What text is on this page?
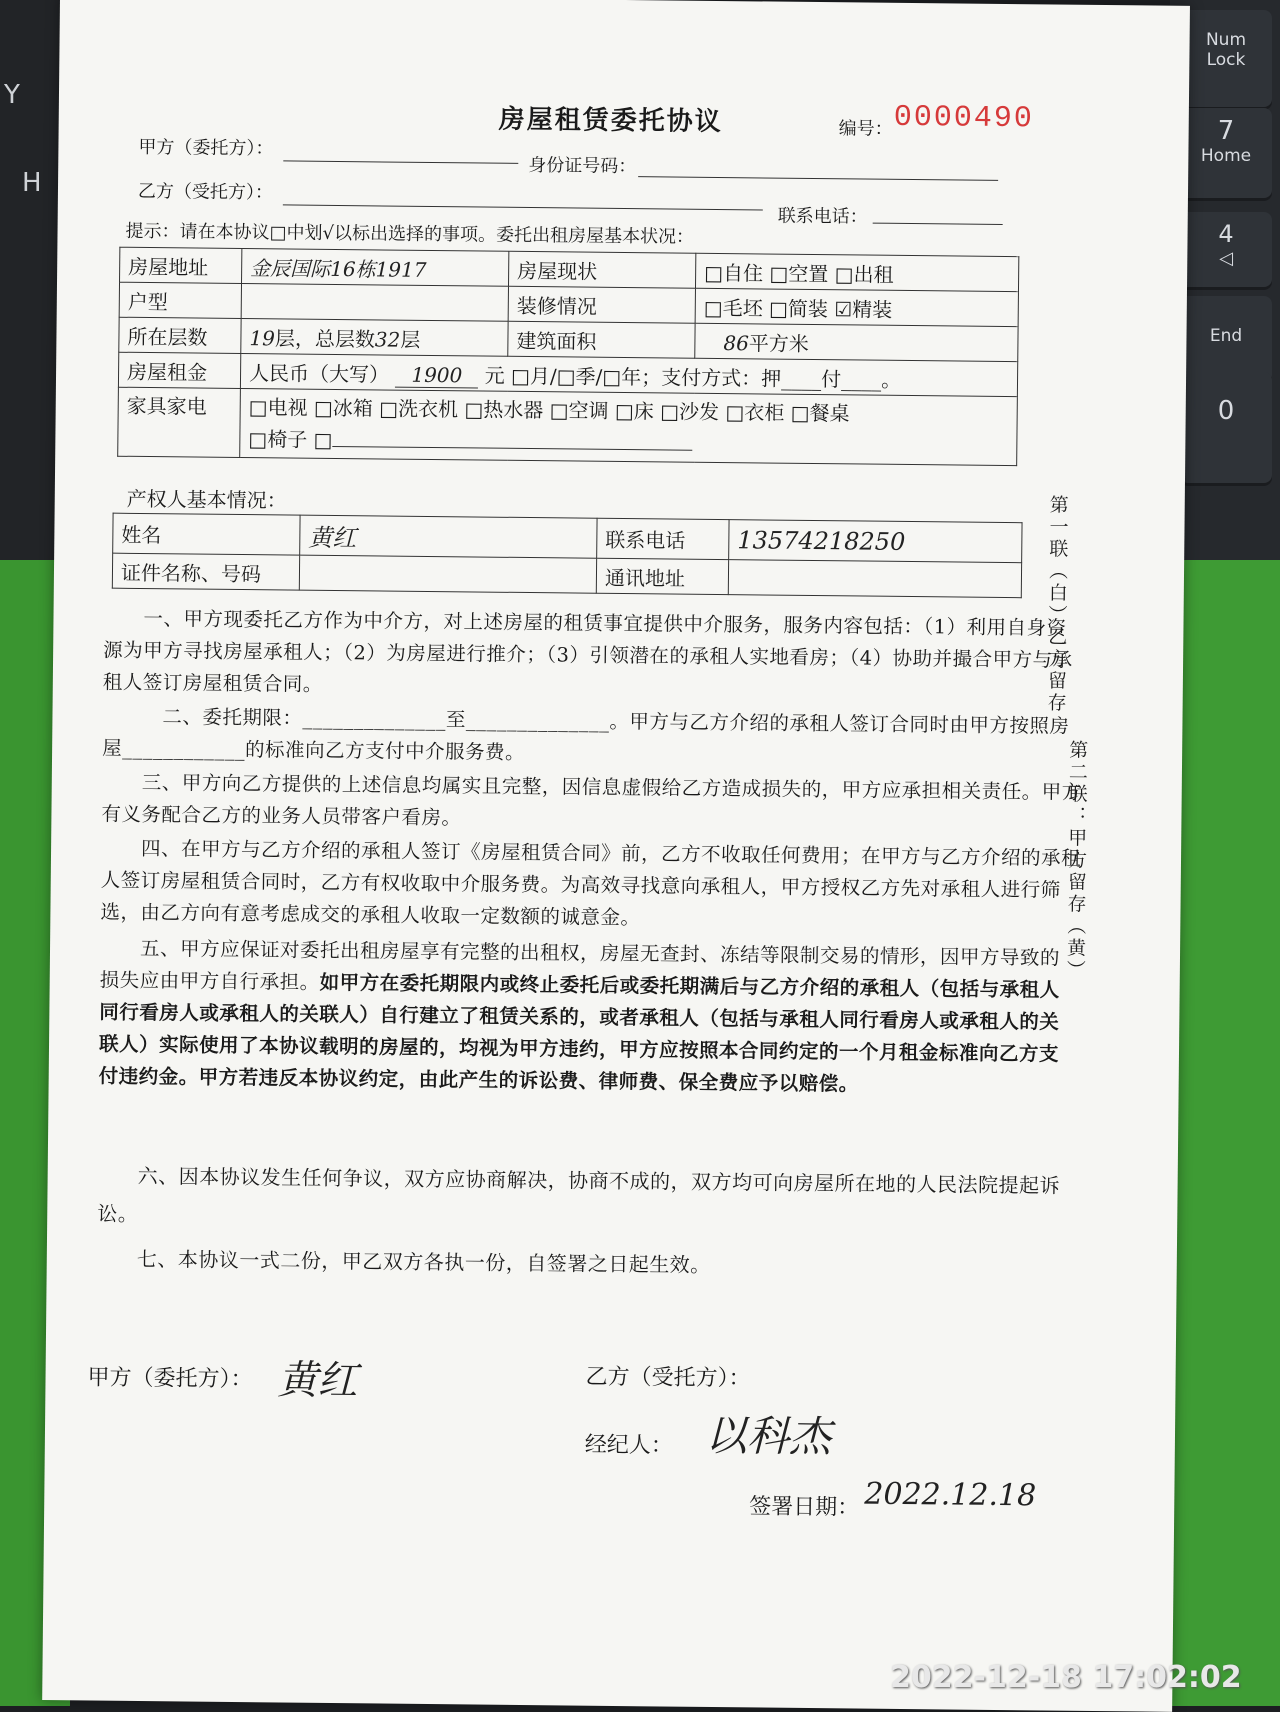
Y
H
Num
Lock
7
Home
4
◁
End
0
房屋租赁委托协议	编号： 0000490
甲方（委托方）：
身份证号码：
乙方（受托方）：
联系电话：
提示：请在本协议□中划√以标出选择的事项。委托出租房屋基本状况：
房屋地址	金辰国际16栋1917	房屋现状	□自住 □空置 □出租
户型		装修情况	□毛坯 □简装 ☑精装
所在层数	19层，总层数32层	建筑面积	86平方米
房屋租金	人民币（大写） 1900 元 □月/□季/□年；支付方式：押____付____。		
家具家电	□电视 □冰箱 □洗衣机 □热水器 □空调 □床 □沙发 □衣柜 □餐桌
□椅子 □		
产权人基本情况：
姓名	黄红	联系电话	13574218250
证件名称、号码		通讯地址	
一、甲方现委托乙方作为中介方，对上述房屋的租赁事宜提供中介服务，服务内容包括：（1）利用自身资源为甲方寻找房屋承租人；（2）为房屋进行推介；（3）引领潜在的承租人实地看房；（4）协助并撮合甲方与承租人签订房屋租赁合同。
二、委托期限：______________至______________。甲方与乙方介绍的承租人签订合同时由甲方按照房屋____________的标准向乙方支付中介服务费。
三、甲方向乙方提供的上述信息均属实且完整，因信息虚假给乙方造成损失的，甲方应承担相关责任。甲方有义务配合乙方的业务人员带客户看房。
四、在甲方与乙方介绍的承租人签订《房屋租赁合同》前，乙方不收取任何费用；在甲方与乙方介绍的承租人签订房屋租赁合同时，乙方有权收取中介服务费。为高效寻找意向承租人，甲方授权乙方先对承租人进行筛选，由乙方向有意考虑成交的承租人收取一定数额的诚意金。
五、甲方应保证对委托出租房屋享有完整的出租权，房屋无查封、冻结等限制交易的情形，因甲方导致的损失应由甲方自行承担。如甲方在委托期限内或终止委托后或委托期满后与乙方介绍的承租人（包括与承租人同行看房人或承租人的关联人）自行建立了租赁关系的，或者承租人（包括与承租人同行看房人或承租人的关联人）实际使用了本协议载明的房屋的，均视为甲方违约，甲方应按照本合同约定的一个月租金标准向乙方支付违约金。甲方若违反本协议约定，由此产生的诉讼费、律师费、保全费应予以赔偿。
六、因本协议发生任何争议，双方应协商解决，协商不成的，双方均可向房屋所在地的人民法院提起诉讼。
七、本协议一式二份，甲乙双方各执一份，自签署之日起生效。
第一联（白）乙方留存
第二联：甲方留存（黄）
甲方（委托方）： 黄红	乙方（受托方）：
经纪人： 以科杰
签署日期： 2022.12.18
2022-12-18 17:02:02
